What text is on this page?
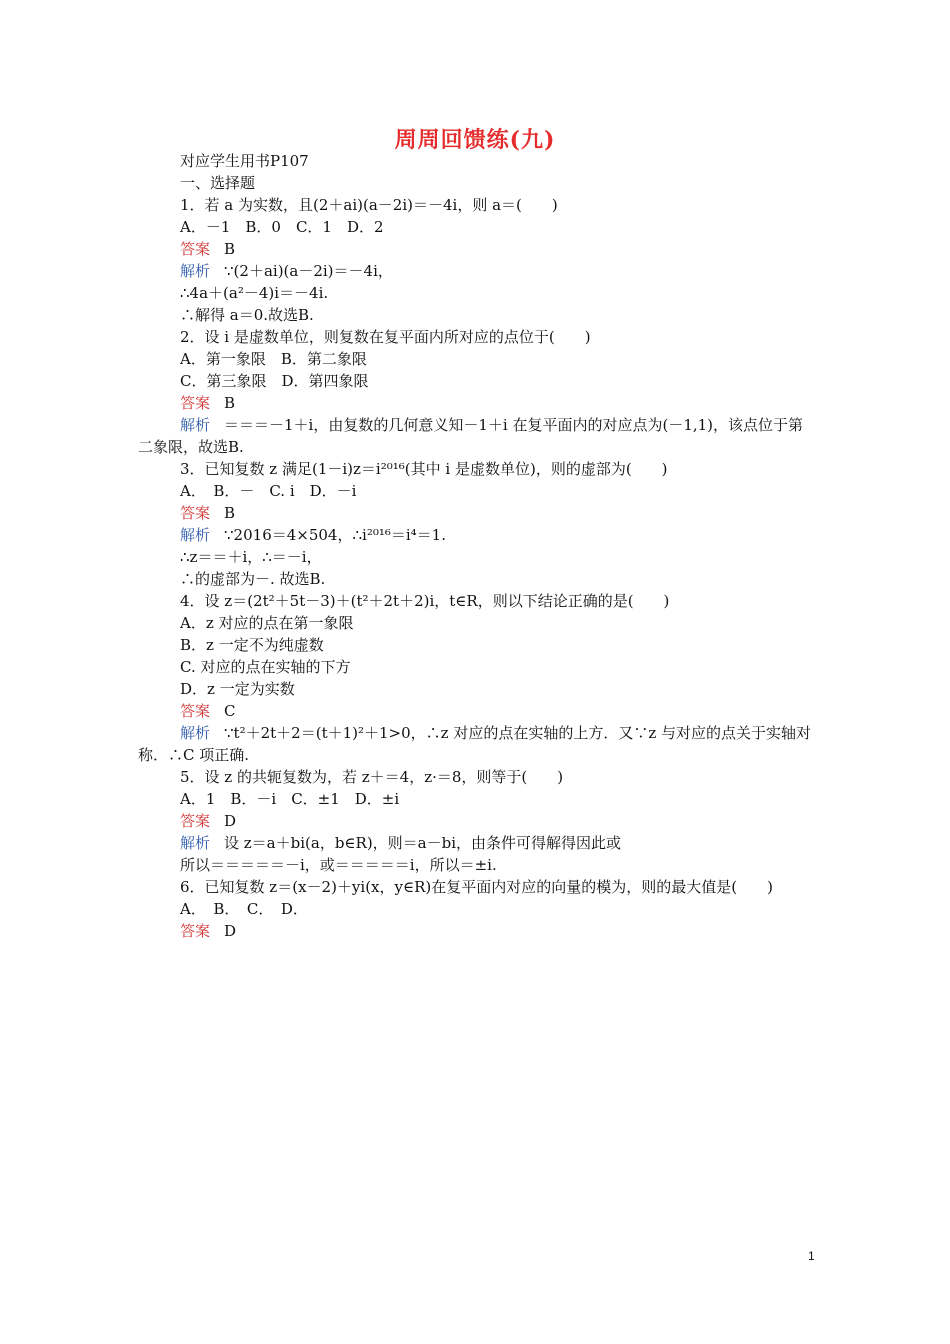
周周回馈练(九)
对应学生用书P107
一、选择题
1．若 a 为实数，且(2＋ai)(a－2i)＝－4i，则 a＝(　　)
A．－1　B．0　C．1　D．2
答案 B
解析 ∵(2＋ai)(a－2i)＝－4i，
∴4a＋(a²－4)i＝－4i.
∴解得 a＝0.故选B.
2．设 i 是虚数单位，则复数在复平面内所对应的点位于(　　)
A．第一象限　B．第二象限
C．第三象限　D．第四象限
答案 B
解析 ＝＝＝－1＋i，由复数的几何意义知－1＋i 在复平面内的对应点为(－1,1)，该点位于第二象限，故选B.
3．已知复数 z 满足(1－i)z＝i²⁰¹⁶(其中 i 是虚数单位)，则的虚部为(　　)
A．　B．－　C. i　D．－i
答案 B
解析 ∵2016＝4×504，∴i²⁰¹⁶＝i⁴＝1.
∴z＝＝＋i，∴＝－i，
∴的虚部为－. 故选B.
4．设 z＝(2t²＋5t－3)＋(t²＋2t＋2)i，t∈R，则以下结论正确的是(　　)
A．z 对应的点在第一象限
B．z 一定不为纯虚数
C. 对应的点在实轴的下方
D．z 一定为实数
答案 C
解析 ∵t²＋2t＋2＝(t＋1)²＋1>0，∴z 对应的点在实轴的上方．又∵z 与对应的点关于实轴对称．∴C 项正确.
5．设 z 的共轭复数为，若 z＋＝4，z·＝8，则等于(　　)
A．1　B．－i　C．±1　D．±i
答案 D
解析 设 z＝a＋bi(a，b∈R)，则＝a－bi，由条件可得解得因此或
所以＝＝＝＝＝－i，或＝＝＝＝＝i，所以＝±i.
6．已知复数 z＝(x－2)＋yi(x，y∈R)在复平面内对应的向量的模为，则的最大值是(　　)
A．　B．　C．　D．
答案 D
1
